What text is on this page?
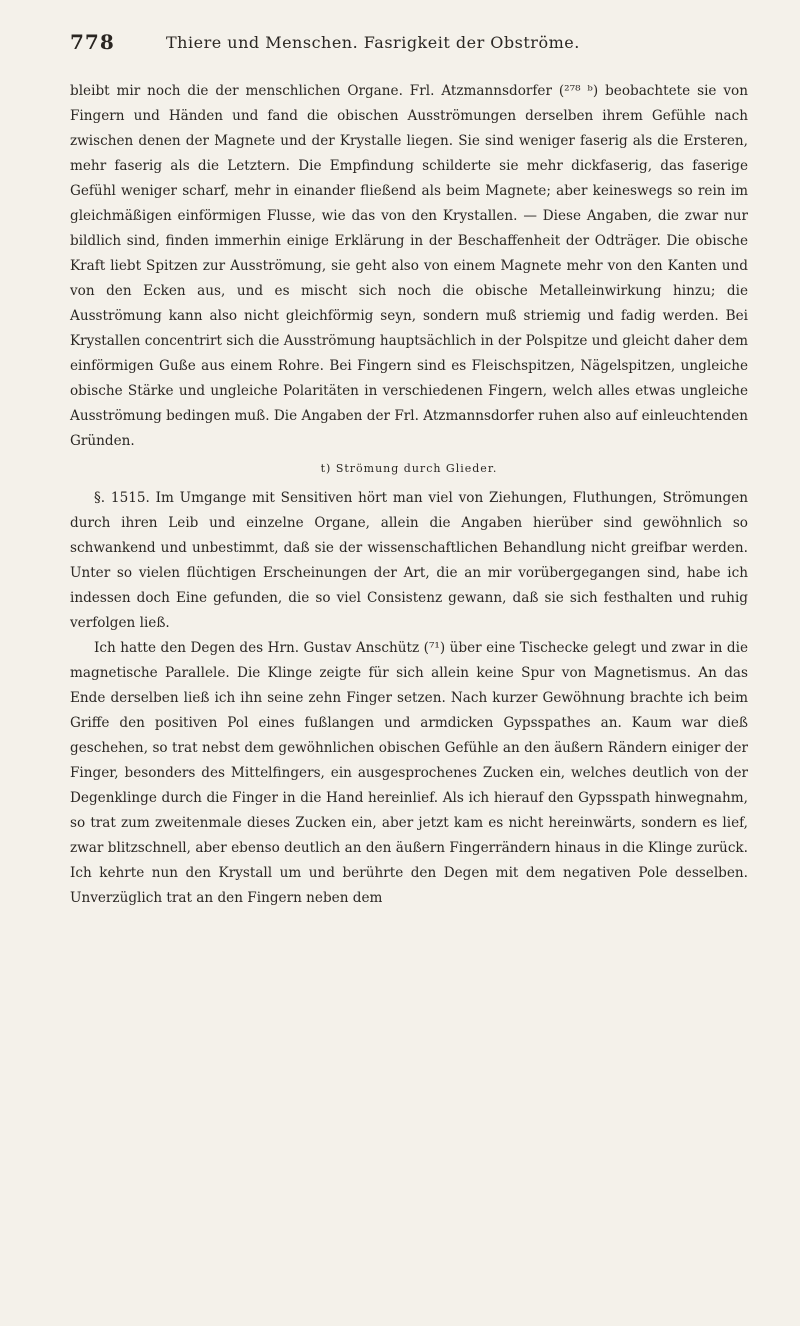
778	Thiere und Menschen. Fasrigkeit der Obströme.

bleibt mir noch die der menschlichen Organe. Frl. Atzmannsdorfer (²⁷⁸ ᵇ) beobachtete sie von Fingern und Händen und fand die obischen Ausströmungen derselben ihrem Gefühle nach zwischen denen der Magnete und der Krystalle liegen. Sie sind weniger faserig als die Ersteren, mehr faserig als die Letztern. Die Empfindung schilderte sie mehr dickfaserig, das faserige Gefühl weniger scharf, mehr in einander fließend als beim Magnete; aber keineswegs so rein im gleichmäßigen einförmigen Flusse, wie das von den Krystallen. — Diese Angaben, die zwar nur bildlich sind, finden immerhin einige Erklärung in der Beschaffenheit der Odträger. Die obische Kraft liebt Spitzen zur Ausströmung, sie geht also von einem Magnete mehr von den Kanten und von den Ecken aus, und es mischt sich noch die obische Metalleinwirkung hinzu; die Ausströmung kann also nicht gleichförmig seyn, sondern muß striemig und fadig werden. Bei Krystallen concentrirt sich die Ausströmung hauptsächlich in der Polspitze und gleicht daher dem einförmigen Guße aus einem Rohre. Bei Fingern sind es Fleischspitzen, Nägelspitzen, ungleiche obische Stärke und ungleiche Polaritäten in verschiedenen Fingern, welch alles etwas ungleiche Ausströmung bedingen muß. Die Angaben der Frl. Atzmannsdorfer ruhen also auf einleuchtenden Gründen.

t) Strömung durch Glieder.

§. 1515. Im Umgange mit Sensitiven hört man viel von Ziehungen, Fluthungen, Strömungen durch ihren Leib und einzelne Organe, allein die Angaben hierüber sind gewöhnlich so schwankend und unbestimmt, daß sie der wissenschaftlichen Behandlung nicht greifbar werden. Unter so vielen flüchtigen Erscheinungen der Art, die an mir vorübergegangen sind, habe ich indessen doch Eine gefunden, die so viel Consistenz gewann, daß sie sich festhalten und ruhig verfolgen ließ.

Ich hatte den Degen des Hrn. Gustav Anschütz (⁷¹) über eine Tischecke gelegt und zwar in die magnetische Parallele. Die Klinge zeigte für sich allein keine Spur von Magnetismus. An das Ende derselben ließ ich ihn seine zehn Finger setzen. Nach kurzer Gewöhnung brachte ich beim Griffe den positiven Pol eines fußlangen und armdicken Gypsspathes an. Kaum war dieß geschehen, so trat nebst dem gewöhnlichen obischen Gefühle an den äußern Rändern einiger der Finger, besonders des Mittelfingers, ein ausgesprochenes Zucken ein, welches deutlich von der Degenklinge durch die Finger in die Hand hereinlief. Als ich hierauf den Gypsspath hinwegnahm, so trat zum zweitenmale dieses Zucken ein, aber jetzt kam es nicht hereinwärts, sondern es lief, zwar blitzschnell, aber ebenso deutlich an den äußern Fingerrändern hinaus in die Klinge zurück. Ich kehrte nun den Krystall um und berührte den Degen mit dem negativen Pole desselben. Unverzüglich trat an den Fingern neben dem
